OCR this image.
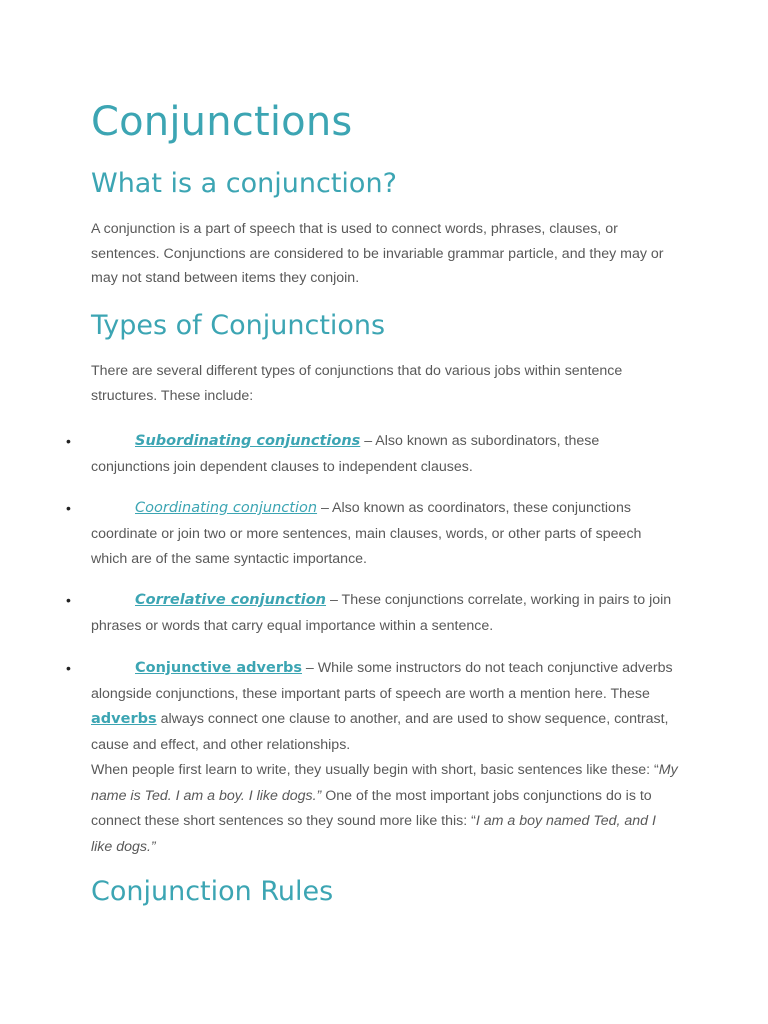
Conjunctions
What is a conjunction?

A conjunction is a part of speech that is used to connect words, phrases, clauses, or sentences. Conjunctions are considered to be invariable grammar particle, and they may or may not stand between items they conjoin.

Types of Conjunctions

There are several different types of conjunctions that do various jobs within sentence structures. These include:

•	Subordinating conjunctions – Also known as subordinators, these conjunctions join dependent clauses to independent clauses.
•	Coordinating conjunction – Also known as coordinators, these conjunctions coordinate or join two or more sentences, main clauses, words, or other parts of speech which are of the same syntactic importance.
•	Correlative conjunction – These conjunctions correlate, working in pairs to join phrases or words that carry equal importance within a sentence.
•	Conjunctive adverbs – While some instructors do not teach conjunctive adverbs alongside conjunctions, these important parts of speech are worth a mention here. These adverbs always connect one clause to another, and are used to show sequence, contrast, cause and effect, and other relationships.
When people first learn to write, they usually begin with short, basic sentences like these: “My name is Ted. I am a boy. I like dogs.” One of the most important jobs conjunctions do is to connect these short sentences so they sound more like this: “I am a boy named Ted, and I like dogs.”
Conjunction Rules
